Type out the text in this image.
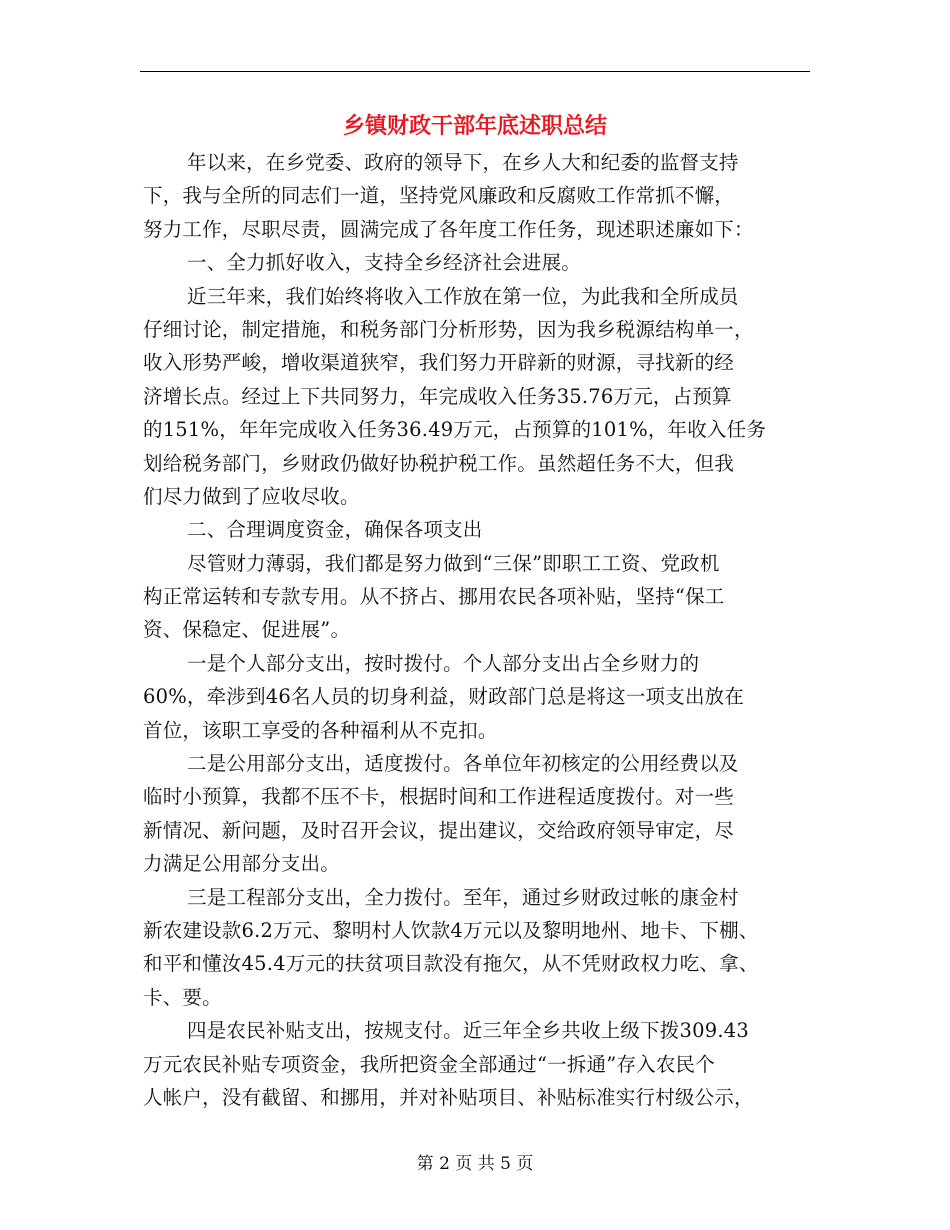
乡镇财政干部年底述职总结
年以来，在乡党委、政府的领导下，在乡人大和纪委的监督支持
下，我与全所的同志们一道，坚持党风廉政和反腐败工作常抓不懈，
努力工作，尽职尽责，圆满完成了各年度工作任务，现述职述廉如下：
一、全力抓好收入，支持全乡经济社会进展。
近三年来，我们始终将收入工作放在第一位，为此我和全所成员
仔细讨论，制定措施，和税务部门分析形势，因为我乡税源结构单一，
收入形势严峻，增收渠道狭窄，我们努力开辟新的财源，寻找新的经
济增长点。经过上下共同努力，年完成收入任务35.76万元，占预算
的151%，年年完成收入任务36.49万元，占预算的101%，年收入任务
划给税务部门，乡财政仍做好协税护税工作。虽然超任务不大，但我
们尽力做到了应收尽收。
二、合理调度资金，确保各项支出
尽管财力薄弱，我们都是努力做到“三保”即职工工资、党政机
构正常运转和专款专用。从不挤占、挪用农民各项补贴，坚持“保工
资、保稳定、促进展”。
一是个人部分支出，按时拨付。个人部分支出占全乡财力的
60%，牵涉到46名人员的切身利益，财政部门总是将这一项支出放在
首位，该职工享受的各种福利从不克扣。
二是公用部分支出，适度拨付。各单位年初核定的公用经费以及
临时小预算，我都不压不卡，根据时间和工作进程适度拨付。对一些
新情况、新问题，及时召开会议，提出建议，交给政府领导审定，尽
力满足公用部分支出。
三是工程部分支出，全力拨付。至年，通过乡财政过帐的康金村
新农建设款6.2万元、黎明村人饮款4万元以及黎明地州、地卡、下棚、
和平和懂汝45.4万元的扶贫项目款没有拖欠，从不凭财政权力吃、拿、
卡、要。
四是农民补贴支出，按规支付。近三年全乡共收上级下拨309.43
万元农民补贴专项资金，我所把资金全部通过“一拆通”存入农民个
人帐户，没有截留、和挪用，并对补贴项目、补贴标准实行村级公示，
第 2 页 共 5 页
